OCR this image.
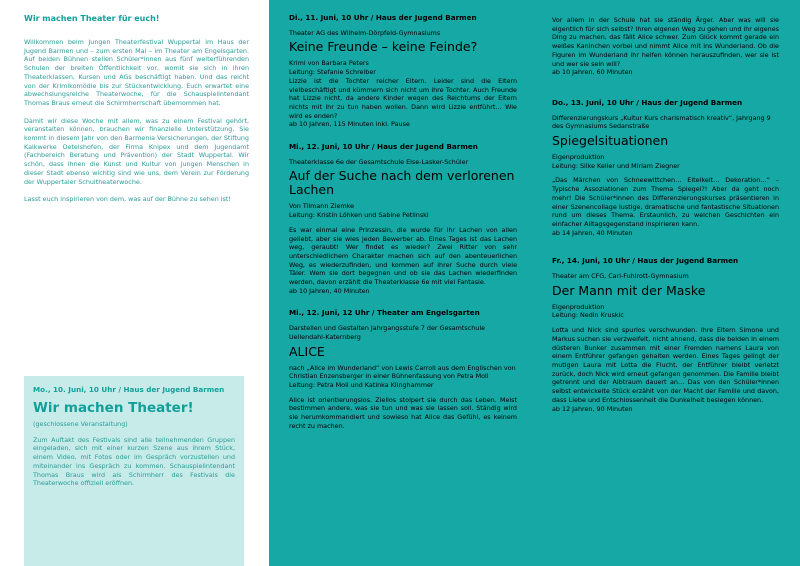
Wir machen Theater für euch!

Willkommen beim Jungen Theaterfestival Wuppertal im Haus der Jugend Barmen und – zum ersten Mal – im Theater am Engelsgarten. Auf beiden Bühnen stellen Schüler*innen aus fünf weiterführenden Schulen der breiten Öffentlichkeit vor, womit sie sich in ihren Theaterklassen, Kursen und AGs beschäftigt haben. Und das reicht von der Krimikomödie bis zur Stückentwicklung. Euch erwartet eine abwechslungsreiche Theaterwoche, für die Schauspielintendant Thomas Braus erneut die Schirmherrschaft übernommen hat.

Damit wir diese Woche mit allem, was zu einem Festival gehört, veranstalten können, brauchen wir finanzielle Unterstützung. Sie kommt in diesem Jahr von den Barmenia Versicherungen, der Stiftung Kalkwerke Oetelshofen, der Firma Knipex und dem Jugendamt (Fachbereich Beratung und Prävention) der Stadt Wuppertal. Wir schön, dass ihnen die Kunst und Kultur von jungen Menschen in dieser Stadt ebenso wichtig sind wie uns, dem Verein zur Förderung der Wuppertaler Schultheaterwoche.

Lasst euch inspirieren von dem, was auf der Bühne zu sehen ist!

Mo., 10. Juni, 10 Uhr / Haus der Jugend Barmen
Wir machen Theater!
(geschlossene Veranstaltung)
Zum Auftakt des Festivals sind alle teilnehmenden Gruppen eingeladen, sich mit einer kurzen Szene aus ihrem Stück, einem Video, mit Fotos oder im Gespräch vorzustellen und miteinander ins Gespräch zu kommen. Schauspielintendant Thomas Braus wird als Schirmherr des Festivals die Theaterwoche offiziell eröffnen.
Di., 11. Juni, 10 Uhr / Haus der Jugend Barmen
Theater AG des Wilhelm-Dörpfeld-Gymnasiums
Keine Freunde – keine Feinde?
Krimi von Barbara Peters
Leitung: Stefanie Schreiber
Lizzie ist die Tochter reicher Eltern. Leider sind die Eltern vielbeschäftigt und kümmern sich nicht um ihre Tochter. Auch Freunde hat Lizzie nicht, da andere Kinder wegen des Reichtums der Eltern nichts mit ihr zu tun haben wollen. Dann wird Lizzie entführt… Wie wird es enden?
ab 10 Jahren, 115 Minuten inkl. Pause
Mi., 12. Juni, 10 Uhr / Haus der Jugend Barmen
Theaterklasse 6e der Gesamtschule Else-Lasker-Schüler
Auf der Suche nach dem verlorenen Lachen
Von Tilmann Ziemke
Leitung: Kristin Löhken und Sabine Petlinski
Es war einmal eine Prinzessin, die wurde für ihr Lachen von allen geliebt, aber sie wies jeden Bewerber ab. Eines Tages ist das Lachen weg, geraubt! Wer findet es wieder? Zwei Ritter von sehr unterschiedlichem Charakter machen sich auf den abenteuerlichen Weg, es wiederzufinden, und kommen auf ihrer Suche durch viele Täler. Wem sie dort begegnen und ob sie das Lachen wiederfinden werden, davon erzählt die Theaterklasse 6e mit viel Fantasie.
ab 10 Jahren, 40 Minuten
Mi., 12. Juni, 12 Uhr / Theater am Engelsgarten
Darstellen und Gestalten Jahrgangsstufe 7 der Gesamtschule Uellendahl-Katernberg
ALICE
nach „Alice im Wunderland“ von Lewis Carroll aus dem Englischen von Christian Enzensberger in einer Bühnenfassung von Petra Moll
Leitung: Petra Moll und Katinka Klinghammer
Alice ist orientierungslos. Ziellos stolpert sie durch das Leben. Meist bestimmen andere, was sie tun und was sie lassen soll. Ständig wird sie herumkommandiert und sowieso hat Alice das Gefühl, es keinem recht zu machen.
Vor allem in der Schule hat sie ständig Ärger. Aber was will sie eigentlich für sich selbst? Ihren eigenen Weg zu gehen und ihr eigenes Ding zu machen, das fällt Alice schwer. Zum Glück kommt gerade ein weißes Kaninchen vorbei und nimmt Alice mit ins Wunderland. Ob die Figuren im Wunderland ihr helfen können herauszufinden, wer sie ist und wer sie sein will?
ab 10 Jahren, 60 Minuten
Do., 13. Juni, 10 Uhr / Haus der Jugend Barmen
Differenzierungskurs „Kultur Kurs charismatisch kreativ“, Jahrgang 9 des Gymnasiums Sedanstraße
Spiegelsituationen
Eigenproduktion
Leitung: Silke Keller und Miriam Ziegner
„Das Märchen von Schneewittchen… Eitelkeit… Dekoration…“ – Typische Assoziationen zum Thema Spiegel?! Aber da geht noch mehr! Die Schüler*innen des Differenzierungskurses präsentieren in einer Szenencollage lustige, dramatische und fantastische Situationen rund um dieses Thema. Erstaunlich, zu welchen Geschichten ein einfacher Alltagsgegenstand inspirieren kann.
ab 14 Jahren, 40 Minuten
Fr., 14. Juni, 10 Uhr / Haus der Jugend Barmen
Theater am CFG, Carl-Fuhlrott-Gymnasium
Der Mann mit der Maske
Eigenproduktion
Leitung: Nedin Kruskic
Lotta und Nick sind spurlos verschwunden. Ihre Eltern Simone und Markus suchen sie verzweifelt, nicht ahnend, dass die beiden in einem düsteren Bunker zusammen mit einer Fremden namens Laura von einem Entführer gefangen gehalten werden. Eines Tages gelingt der mutigen Laura mit Lotta die Flucht, der Entführer bleibt verletzt zurück, doch Nick wird erneut gefangen genommen. Die Familie bleibt getrennt und der Albtraum dauert an… Das von den Schüler*innen selbst entwickelte Stück erzählt von der Macht der Familie und davon, dass Liebe und Entschlossenheit die Dunkelheit besiegen können.
ab 12 Jahren, 90 Minuten
